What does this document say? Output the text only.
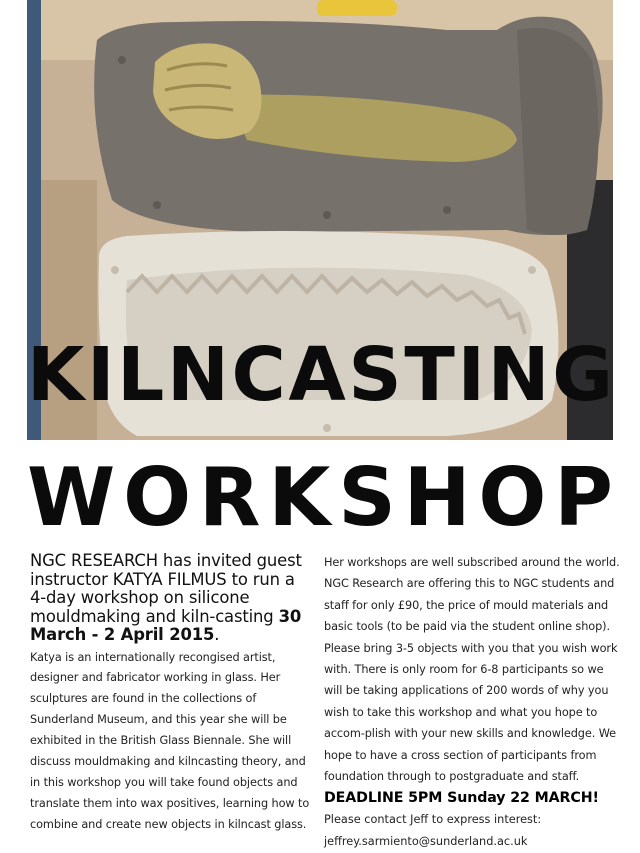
K I L N C A S T I N G
W O R K S H O P

NGC RESEARCH has invited guest instructor KATYA FILMUS to run a 4-day workshop on silicone mouldmaking and kiln-casting 30 March - 2 April 2015.

Katya is an internationally recongised artist, designer and fabricator working in glass. Her sculptures are found in the collections of Sunderland Museum, and this year she will be exhibited in the British Glass Biennale. She will discuss mouldmaking and kilncasting theory, and in this workshop you will take found objects and translate them into wax positives, learning how to combine and create new objects in kilncast glass.

Her workshops are well subscribed around the world. NGC Research are offering this to NGC students and staff for only £90, the price of mould materials and basic tools (to be paid via the student online shop). Please bring 3-5 objects with you that you wish work with. There is only room for 6-8 participants so we will be taking applications of 200 words of why you wish to take this workshop and what you hope to accom-plish with your new skills and knowledge. We hope to have a cross section of participants from foundation through to postgraduate and staff.

DEADLINE 5PM Sunday 22 MARCH!

Please contact Jeff to express interest:

jeffrey.sarmiento@sunderland.ac.uk
